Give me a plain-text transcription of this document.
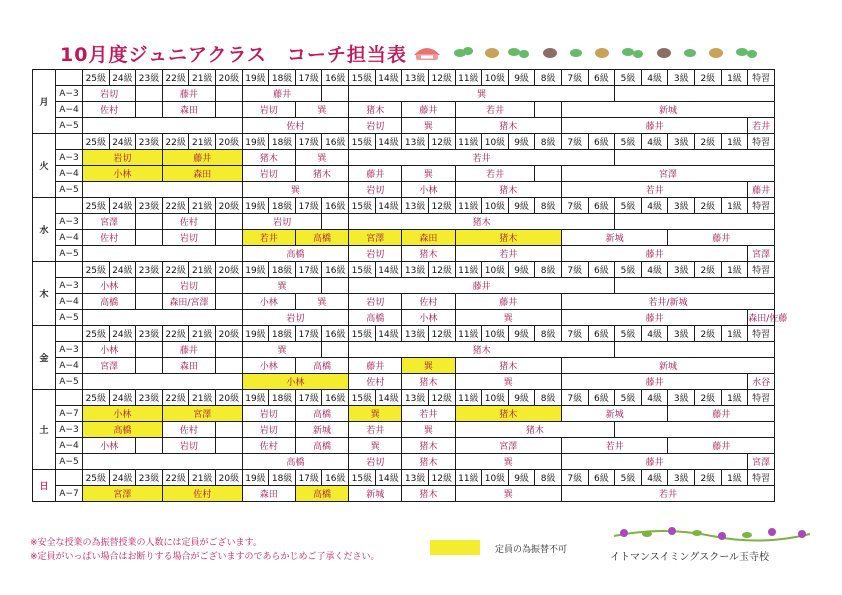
10月度ジュニアクラス　コーチ担当表
月		25級	24級	23級	22級	21級	20級	19級	18級	17級	16級	15級	14級	13級	12級	11級	10級	9級	8級	7級	6級	5級	4級	3級	2級	1級	特習
	A−3	岩切			藤井			藤井				巽															
	A−4	佐村			森田			岩切		巽		猪木		藤井		若井				新城							
	A−5							佐村				岩切		巽		猪木				藤井							若井
火		25級	24級	23級	22級	21級	20級	19級	18級	17級	16級	15級	14級	13級	12級	11級	10級	9級	8級	7級	6級	5級	4級	3級	2級	1級	特習
	A−3	岩切			藤井			猪木		巽		若井															
	A−4	小林			森田			岩切		猪木		藤井		巽		若井				宮澤							
	A−5							巽				岩切		小林		猪木				若井							藤井
水		25級	24級	23級	22級	21級	20級	19級	18級	17級	16級	15級	14級	13級	12級	11級	10級	9級	8級	7級	6級	5級	4級	3級	2級	1級	特習
	A−3	宮澤			佐村			岩切				猪木															
	A−4	佐村			岩切			若井		高橋		宮澤		森田		猪木				新城				藤井			
	A−5							高橋				岩切		猪木		若井				藤井							宮澤
木		25級	24級	23級	22級	21級	20級	19級	18級	17級	16級	15級	14級	13級	12級	11級	10級	9級	8級	7級	6級	5級	4級	3級	2級	1級	特習
	A−3	小林			岩切			巽				藤井															
	A−4	高橋			森田/宮澤			小林		巽		岩切		佐村		藤井				若井/新城							
	A−5							岩切				高橋		小林		巽				藤井							森田/佐藤
金		25級	24級	23級	22級	21級	20級	19級	18級	17級	16級	15級	14級	13級	12級	11級	10級	9級	8級	7級	6級	5級	4級	3級	2級	1級	特習
	A−3	小林			藤井			巽				猪木															
	A−4	宮澤			森田			小林		高橋		藤井		巽		猪木				新城							
	A−5							小林				佐村		猪木		巽				藤井							水谷
土		25級	24級	23級	22級	21級	20級	19級	18級	17級	16級	15級	14級	13級	12級	11級	10級	9級	8級	7級	6級	5級	4級	3級	2級	1級	特習
	A−7	小林			宮澤			岩切		高橋		巽		若井		猪木				新城				藤井			
	A−3	高橋			佐村			岩切		新城		若井		巽		猪木											
	A−4	小林			岩切			佐村		高橋		巽		猪木		宮澤				若井				藤井			
	A−5							高橋				岩切		猪木		巽				藤井							宮澤
日		25級	24級	23級	22級	21級	20級	19級	18級	17級	16級	15級	14級	13級	12級	11級	10級	9級	8級	7級	6級	5級	4級	3級	2級	1級	特習
	A−7	宮澤			佐村			森田		高橋		新城		猪木		巽				若井							
※安全な授業の為振替授業の人数には定員がございます。
※定員がいっぱい場合はお断りする場合がございますのであらかじめご了承ください。
定員の為振替不可
イトマンスイミングスクール玉寺校
